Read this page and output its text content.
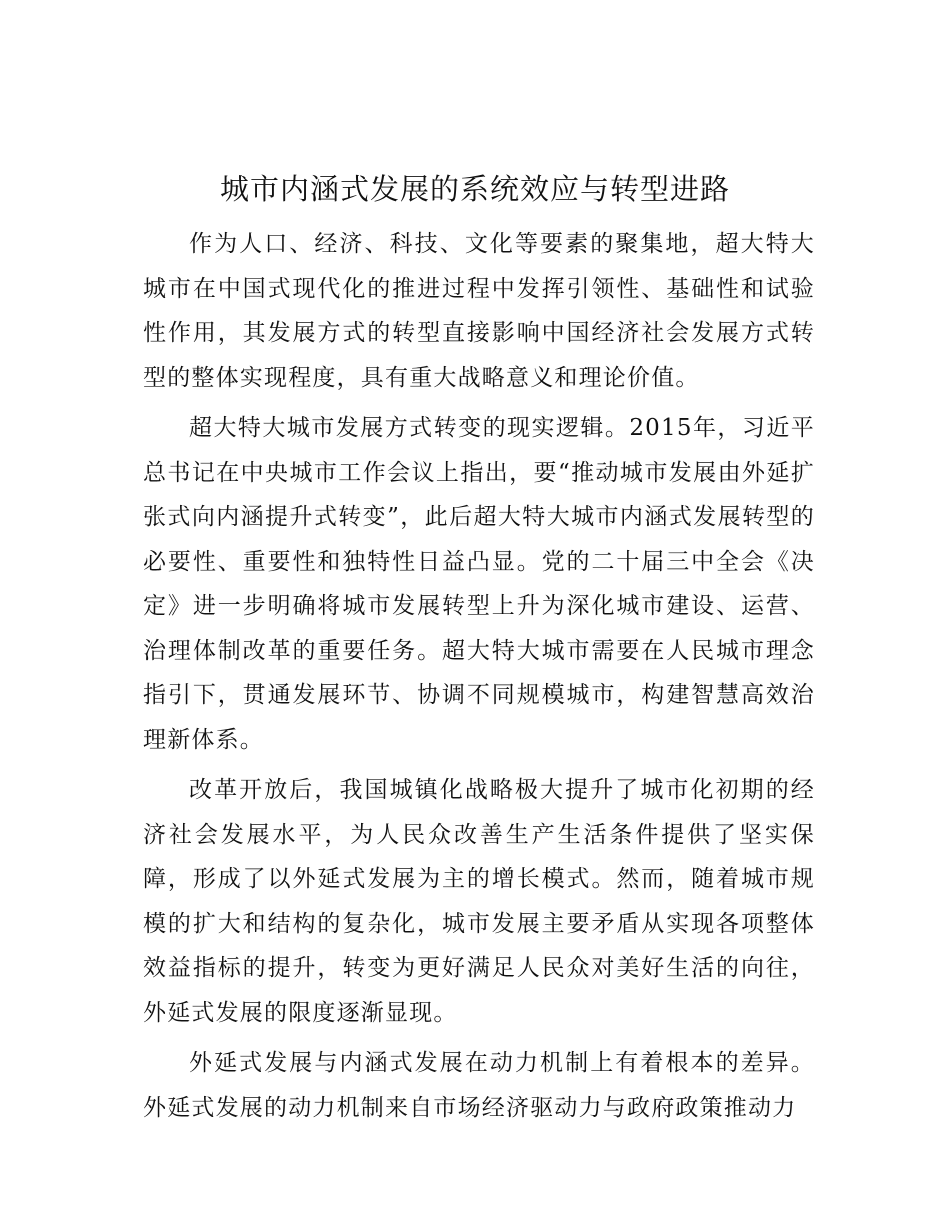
城市内涵式发展的系统效应与转型进路

作为人口、经济、科技、文化等要素的聚集地，超大特大城市在中国式现代化的推进过程中发挥引领性、基础性和试验性作用，其发展方式的转型直接影响中国经济社会发展方式转型的整体实现程度，具有重大战略意义和理论价值。

超大特大城市发展方式转变的现实逻辑。2015年，习近平总书记在中央城市工作会议上指出，要“推动城市发展由外延扩张式向内涵提升式转变”，此后超大特大城市内涵式发展转型的必要性、重要性和独特性日益凸显。党的二十届三中全会《决定》进一步明确将城市发展转型上升为深化城市建设、运营、治理体制改革的重要任务。超大特大城市需要在人民城市理念指引下，贯通发展环节、协调不同规模城市，构建智慧高效治理新体系。

改革开放后，我国城镇化战略极大提升了城市化初期的经济社会发展水平，为人民众改善生产生活条件提供了坚实保障，形成了以外延式发展为主的增长模式。然而，随着城市规模的扩大和结构的复杂化，城市发展主要矛盾从实现各项整体效益指标的提升，转变为更好满足人民众对美好生活的向往，外延式发展的限度逐渐显现。

外延式发展与内涵式发展在动力机制上有着根本的差异。外延式发展的动力机制来自市场经济驱动力与政府政策推动力
